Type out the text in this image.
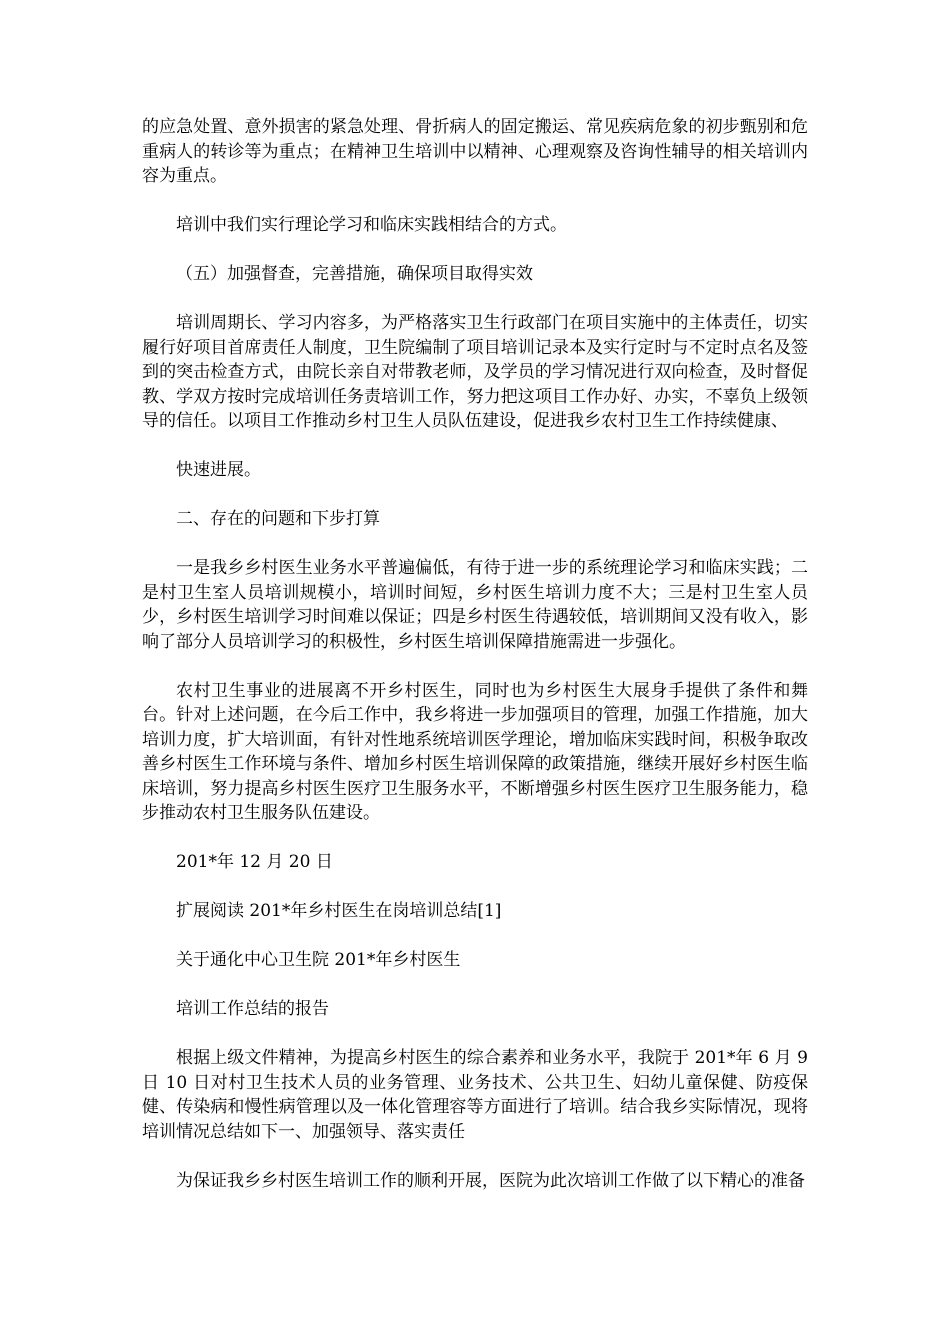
的应急处置、意外损害的紧急处理、骨折病人的固定搬运、常见疾病危象的初步甄别和危重病人的转诊等为重点；在精神卫生培训中以精神、心理观察及咨询性辅导的相关培训内容为重点。

培训中我们实行理论学习和临床实践相结合的方式。

（五）加强督查，完善措施，确保项目取得实效

培训周期长、学习内容多，为严格落实卫生行政部门在项目实施中的主体责任，切实履行好项目首席责任人制度，卫生院编制了项目培训记录本及实行定时与不定时点名及签到的突击检查方式，由院长亲自对带教老师，及学员的学习情况进行双向检查，及时督促教、学双方按时完成培训任务责培训工作，努力把这项目工作办好、办实，不辜负上级领导的信任。以项目工作推动乡村卫生人员队伍建设，促进我乡农村卫生工作持续健康、

快速进展。

二、存在的问题和下步打算

一是我乡乡村医生业务水平普遍偏低，有待于进一步的系统理论学习和临床实践；二是村卫生室人员培训规模小，培训时间短，乡村医生培训力度不大；三是村卫生室人员少，乡村医生培训学习时间难以保证；四是乡村医生待遇较低，培训期间又没有收入，影响了部分人员培训学习的积极性，乡村医生培训保障措施需进一步强化。

农村卫生事业的进展离不开乡村医生，同时也为乡村医生大展身手提供了条件和舞台。针对上述问题，在今后工作中，我乡将进一步加强项目的管理，加强工作措施，加大培训力度，扩大培训面，有针对性地系统培训医学理论，增加临床实践时间，积极争取改善乡村医生工作环境与条件、增加乡村医生培训保障的政策措施，继续开展好乡村医生临床培训，努力提高乡村医生医疗卫生服务水平，不断增强乡村医生医疗卫生服务能力，稳步推动农村卫生服务队伍建设。

201*年 12 月 20 日

扩展阅读 201*年乡村医生在岗培训总结[1]

关于通化中心卫生院 201*年乡村医生

培训工作总结的报告

根据上级文件精神，为提高乡村医生的综合素养和业务水平，我院于 201*年 6 月 9 日 10 日对村卫生技术人员的业务管理、业务技术、公共卫生、妇幼儿童保健、防疫保健、传染病和慢性病管理以及一体化管理容等方面进行了培训。结合我乡实际情况，现将培训情况总结如下一、加强领导、落实责任

为保证我乡乡村医生培训工作的顺利开展，医院为此次培训工作做了以下精心的准备
